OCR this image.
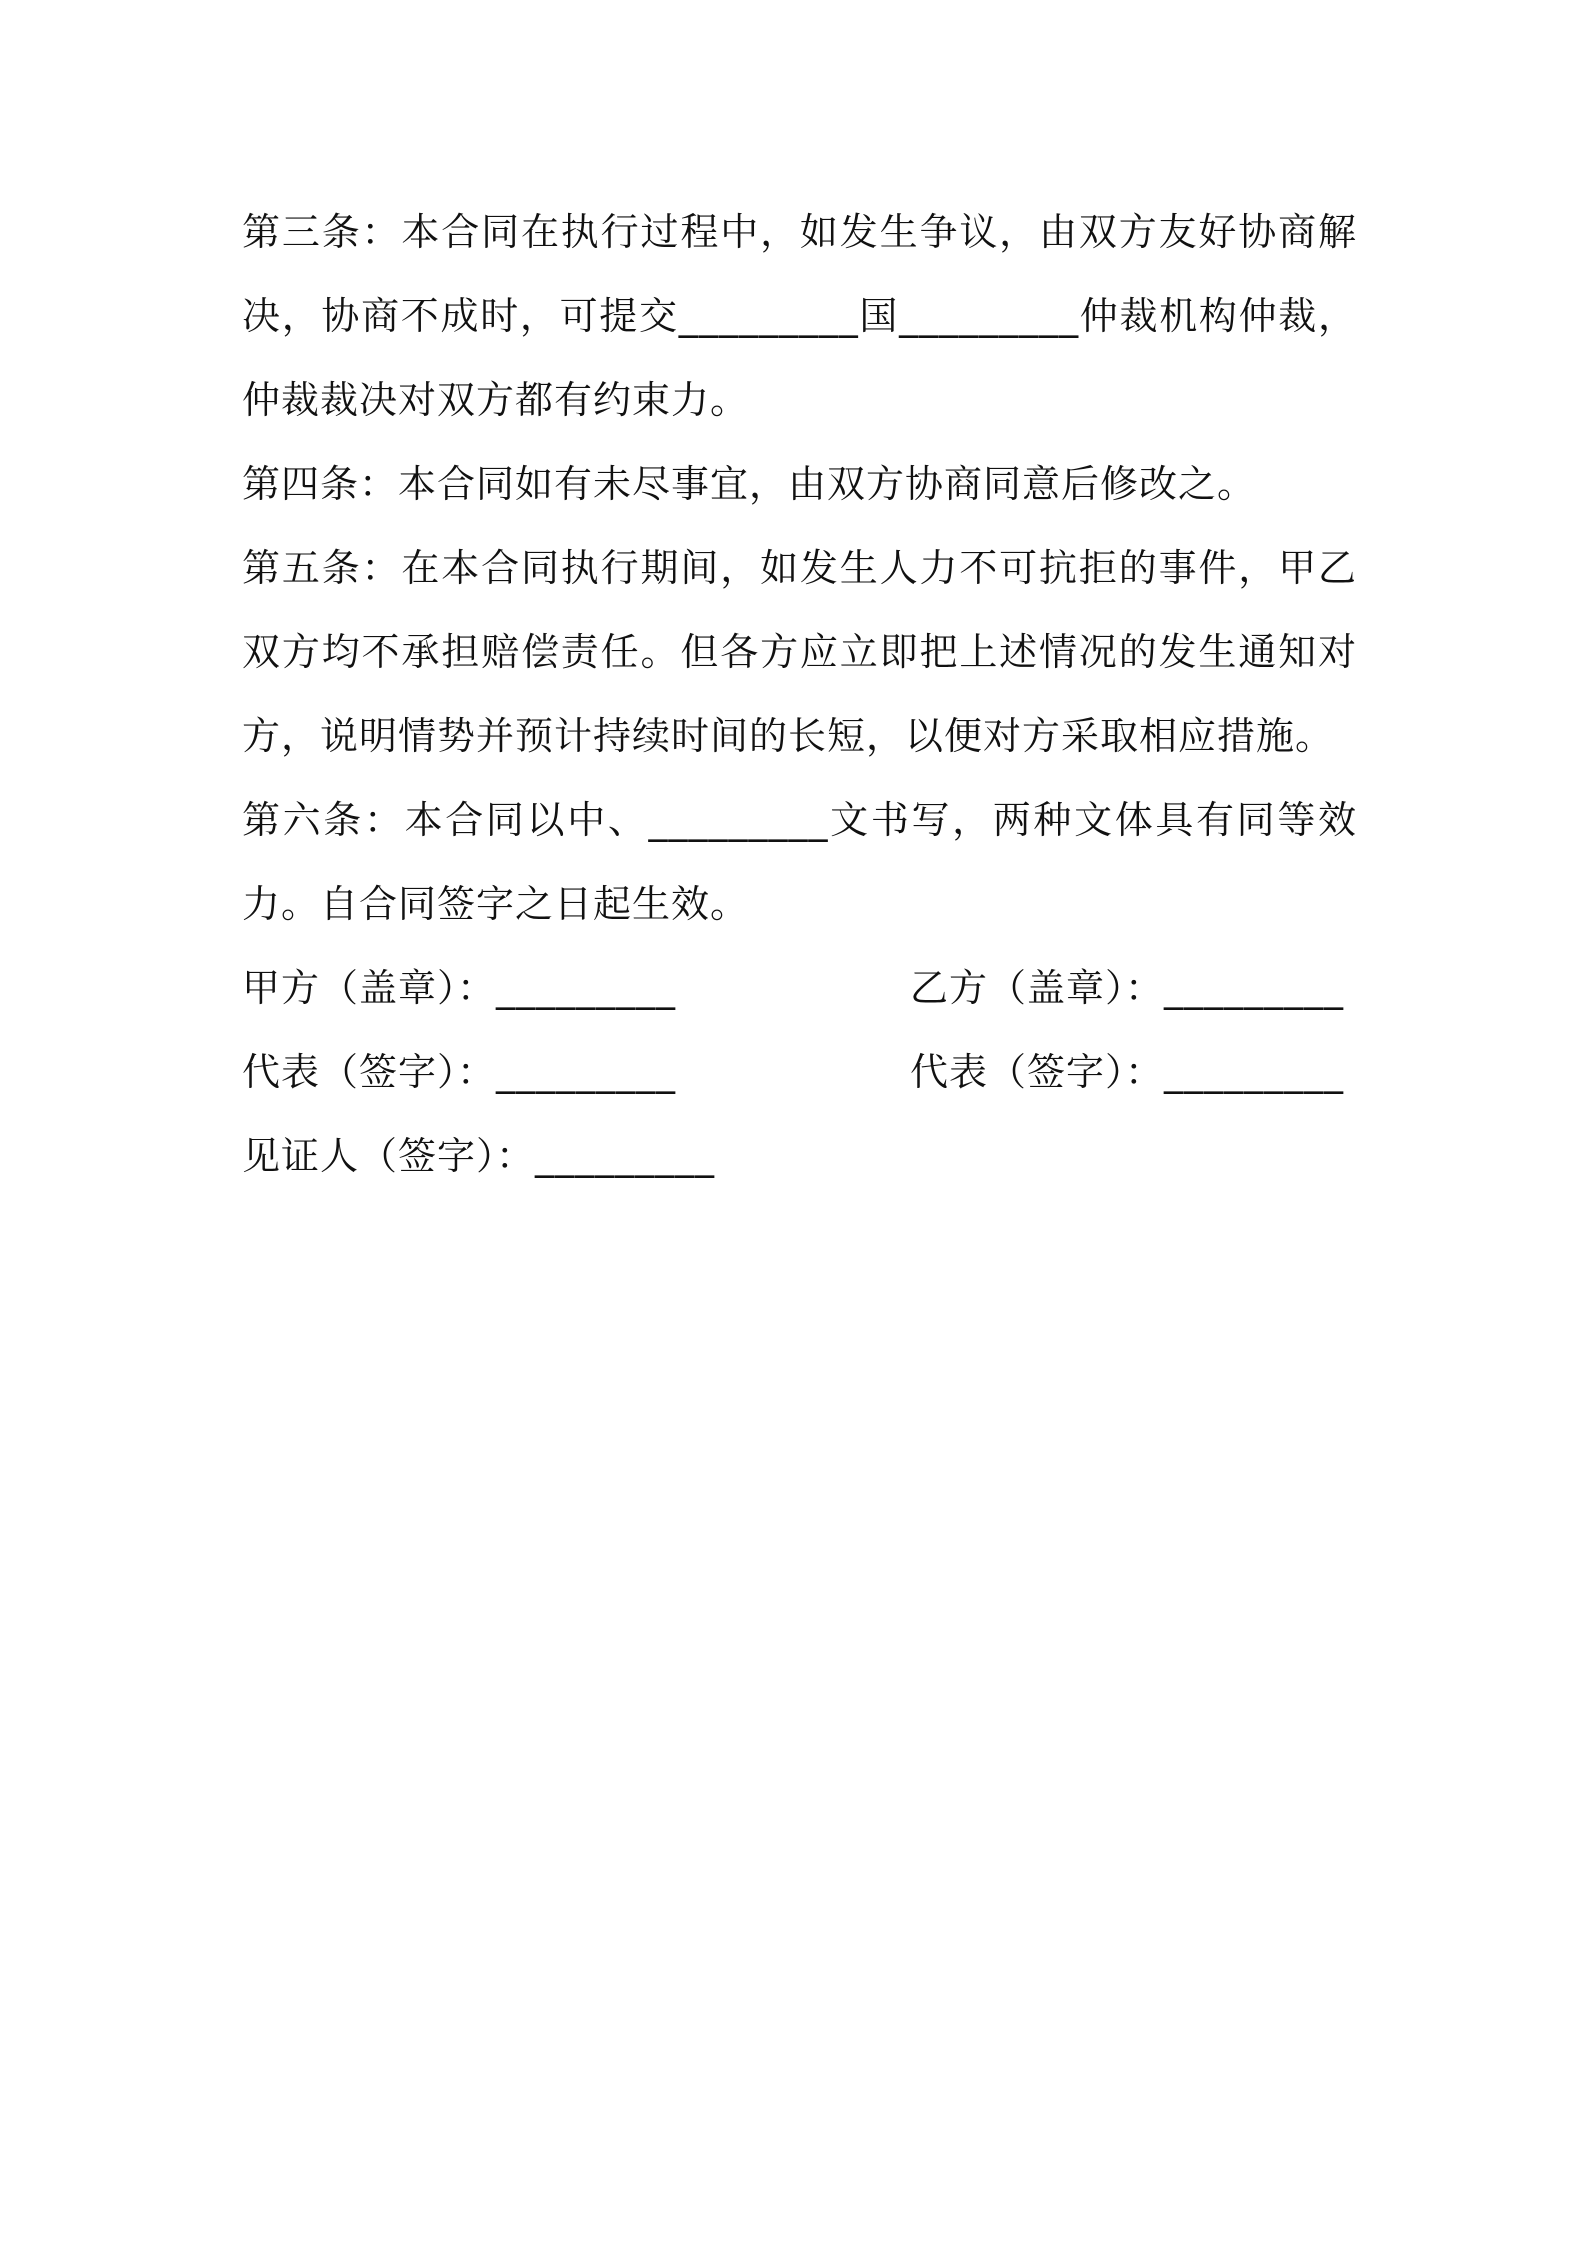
第三条：本合同在执行过程中，如发生争议，由双方友好协商解决，协商不成时，可提交_________国_________仲裁机构仲裁，仲裁裁决对双方都有约束力。

第四条：本合同如有未尽事宜，由双方协商同意后修改之。

第五条：在本合同执行期间，如发生人力不可抗拒的事件，甲乙双方均不承担赔偿责任。但各方应立即把上述情况的发生通知对方，说明情势并预计持续时间的长短，以便对方采取相应措施。

第六条：本合同以中、_________文书写，两种文体具有同等效力。自合同签字之日起生效。

甲方（盖章）：_________	乙方（盖章）：_________
代表（签字）：_________	代表（签字）：_________
见证人（签字）：_________
